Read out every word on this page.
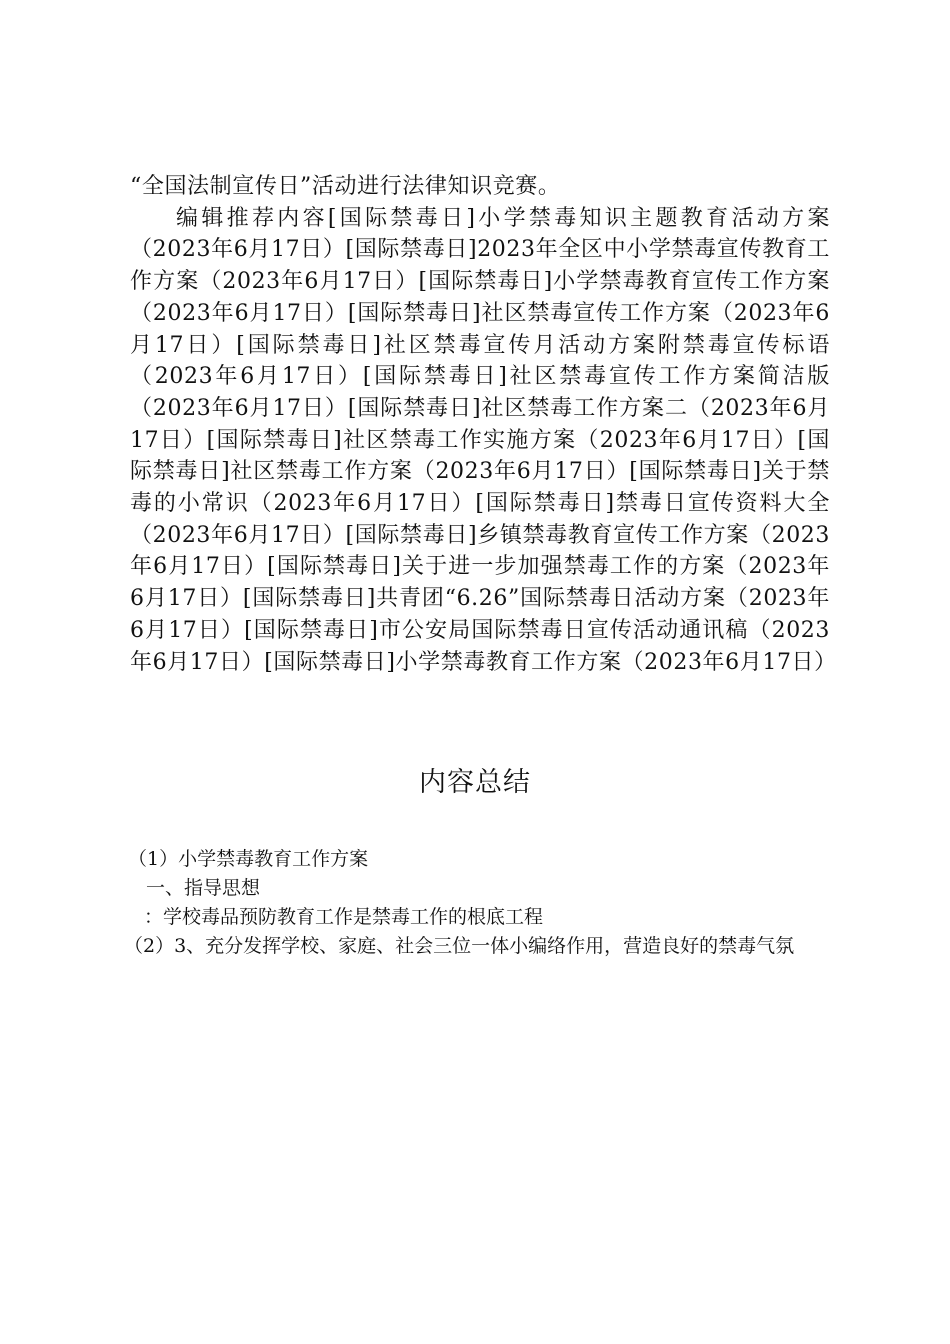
“全国法制宣传日”活动进行法律知识竞赛。

编辑推荐内容[国际禁毒日]小学禁毒知识主题教育活动方案（2023年6月17日）[国际禁毒日]2023年全区中小学禁毒宣传教育工作方案（2023年6月17日）[国际禁毒日]小学禁毒教育宣传工作方案（2023年6月17日）[国际禁毒日]社区禁毒宣传工作方案（2023年6月17日）[国际禁毒日]社区禁毒宣传月活动方案附禁毒宣传标语（2023年6月17日）[国际禁毒日]社区禁毒宣传工作方案简洁版（2023年6月17日）[国际禁毒日]社区禁毒工作方案二（2023年6月17日）[国际禁毒日]社区禁毒工作实施方案（2023年6月17日）[国际禁毒日]社区禁毒工作方案（2023年6月17日）[国际禁毒日]关于禁毒的小常识（2023年6月17日）[国际禁毒日]禁毒日宣传资料大全（2023年6月17日）[国际禁毒日]乡镇禁毒教育宣传工作方案（2023年6月17日）[国际禁毒日]关于进一步加强禁毒工作的方案（2023年6月17日）[国际禁毒日]共青团“6.26”国际禁毒日活动方案（2023年6月17日）[国际禁毒日]市公安局国际禁毒日宣传活动通讯稿（2023年6月17日）[国际禁毒日]小学禁毒教育工作方案（2023年6月17日）

内容总结

（1）小学禁毒教育工作方案

一、指导思想

：学校毒品预防教育工作是禁毒工作的根底工程

（2）3、充分发挥学校、家庭、社会三位一体小编络作用，营造良好的禁毒气氛
